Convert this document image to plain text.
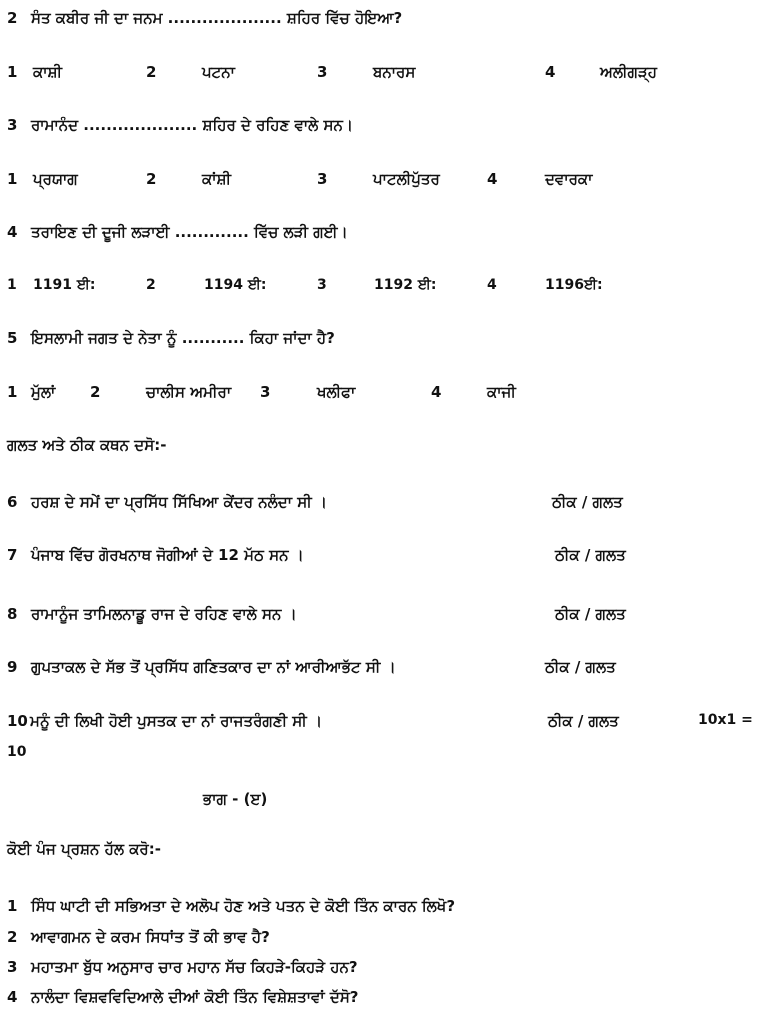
2 ਸੰਤ ਕਬੀਰ ਜੀ ਦਾ ਜਨਮ .................... ਸ਼ਹਿਰ ਵਿੱਚ ਹੋਇਆ?
1 ਕਾਸ਼ੀ	2	ਪਟਨਾ	3	ਬਨਾਰਸ	4	ਅਲੀਗੜ੍ਹ
3 ਰਾਮਾਨੰਦ .................... ਸ਼ਹਿਰ ਦੇ ਰਹਿਣ ਵਾਲੇ ਸਨ।
1 ਪ੍ਰਯਾਗ	2	ਕਾਂਸ਼ੀ	3	ਪਾਟਲੀਪੁੱਤਰ	4	ਦਵਾਰਕਾ
4 ਤਰਾਇਣ ਦੀ ਦੂਜੀ ਲੜਾਈ ............. ਵਿੱਚ ਲੜੀ ਗਈ।
1 1191 ਈ:	2	1194 ਈ:	3	1192 ਈ:	4	1196ਈ:
5 ਇਸਲਾਮੀ ਜਗਤ ਦੇ ਨੇਤਾ ਨੂੰ ........... ਕਿਹਾ ਜਾਂਦਾ ਹੈ?
1 ਮੁੱਲਾਂ 2	ਚਾਲੀਸ ਅਮੀਰਾ 3	ਖਲੀਫਾ	4	ਕਾਜੀ
ਗਲਤ ਅਤੇ ਠੀਕ ਕਥਨ ਦਸੋ:-
6 ਹਰਸ਼ ਦੇ ਸਮੇਂ ਦਾ ਪ੍ਰਸਿੱਧ ਸਿੱਖਿਆ ਕੇਂਦਰ ਨਲੰਦਾ ਸੀ ।	ਠੀਕ / ਗਲਤ
7 ਪੰਜਾਬ ਵਿੱਚ ਗੋਰਖਨਾਥ ਜੋਗੀਆਂ ਦੇ 12 ਮੱਠ ਸਨ ।	ਠੀਕ / ਗਲਤ
8 ਰਾਮਾਨੂੰਜ ਤਾਮਿਲਨਾਡੂ ਰਾਜ ਦੇ ਰਹਿਣ ਵਾਲੇ ਸਨ ।	ਠੀਕ / ਗਲਤ
9 ਗੁਪਤਾਕਲ ਦੇ ਸੱਭ ਤੋਂ ਪ੍ਰਸਿੱਧ ਗਣਿਤਕਾਰ ਦਾ ਨਾਂ ਆਰੀਆਭੱਟ ਸੀ ।	ਠੀਕ / ਗਲਤ
10 ਮਨੂੰ ਦੀ ਲਿਖੀ ਹੋਈ ਪੁਸਤਕ ਦਾ ਨਾਂ ਰਾਜਤਰੰਗਣੀ ਸੀ ।	ਠੀਕ / ਗਲਤ	10x1 =
10
ਭਾਗ - (ੲ)
ਕੋਈ ਪੰਜ ਪ੍ਰਸ਼ਨ ਹੱਲ ਕਰੋ:-
1 ਸਿੰਧ ਘਾਟੀ ਦੀ ਸਭਿਅਤਾ ਦੇ ਅਲੋਪ ਹੋਣ ਅਤੇ ਪਤਨ ਦੇ ਕੋਈ ਤਿੰਨ ਕਾਰਨ ਲਿਖੋ?
2 ਆਵਾਗਮਨ ਦੇ ਕਰਮ ਸਿਧਾਂਤ ਤੋਂ ਕੀ ਭਾਵ ਹੈ?
3 ਮਹਾਤਮਾ ਬੁੱਧ ਅਨੁਸਾਰ ਚਾਰ ਮਹਾਨ ਸੱਚ ਕਿਹੜੇ-ਕਿਹੜੇ ਹਨ?
4 ਨਾਲੰਦਾ ਵਿਸ਼ਵਵਿਦਿਆਲੇ ਦੀਆਂ ਕੋਈ ਤਿੰਨ ਵਿਸ਼ੇਸ਼ਤਾਵਾਂ ਦੱਸੋ?
